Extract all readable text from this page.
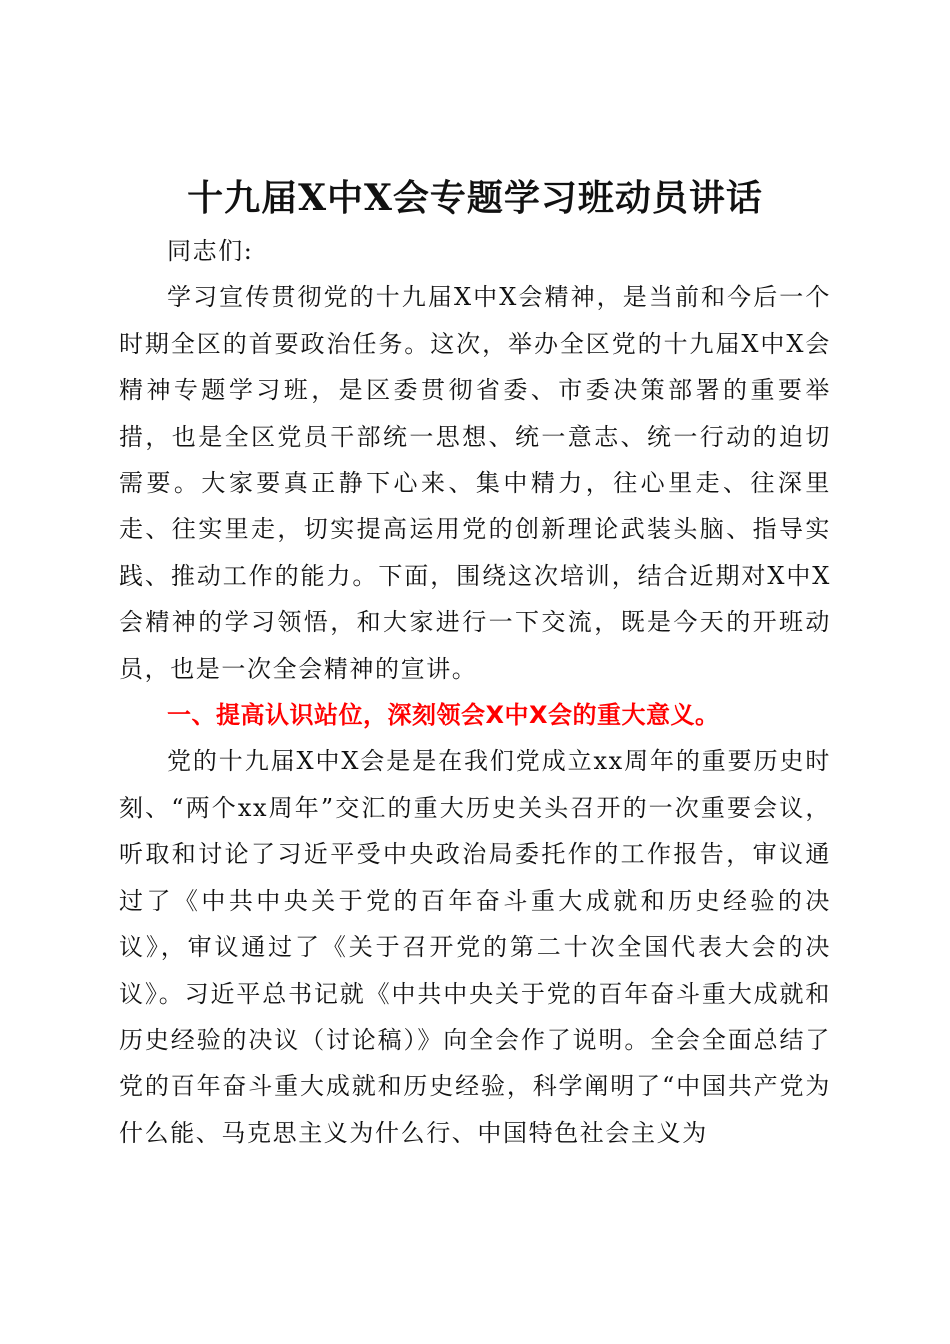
十九届X中X会专题学习班动员讲话

同志们:

学习宣传贯彻党的十九届X中X会精神，是当前和今后一个时期全区的首要政治任务。这次，举办全区党的十九届X中X会精神专题学习班，是区委贯彻省委、市委决策部署的重要举措，也是全区党员干部统一思想、统一意志、统一行动的迫切需要。大家要真正静下心来、集中精力，往心里走、往深里走、往实里走，切实提高运用党的创新理论武装头脑、指导实践、推动工作的能力。下面，围绕这次培训，结合近期对X中X会精神的学习领悟，和大家进行一下交流，既是今天的开班动员，也是一次全会精神的宣讲。

一、提高认识站位，深刻领会X中X会的重大意义。

党的十九届X中X会是是在我们党成立xx周年的重要历史时刻、“两个xx周年”交汇的重大历史关头召开的一次重要会议，听取和讨论了习近平受中央政治局委托作的工作报告，审议通过了《中共中央关于党的百年奋斗重大成就和历史经验的决议》，审议通过了《关于召开党的第二十次全国代表大会的决议》。习近平总书记就《中共中央关于党的百年奋斗重大成就和历史经验的决议（讨论稿）》向全会作了说明。全会全面总结了党的百年奋斗重大成就和历史经验，科学阐明了“中国共产党为什么能、马克思主义为什么行、中国特色社会主义为
